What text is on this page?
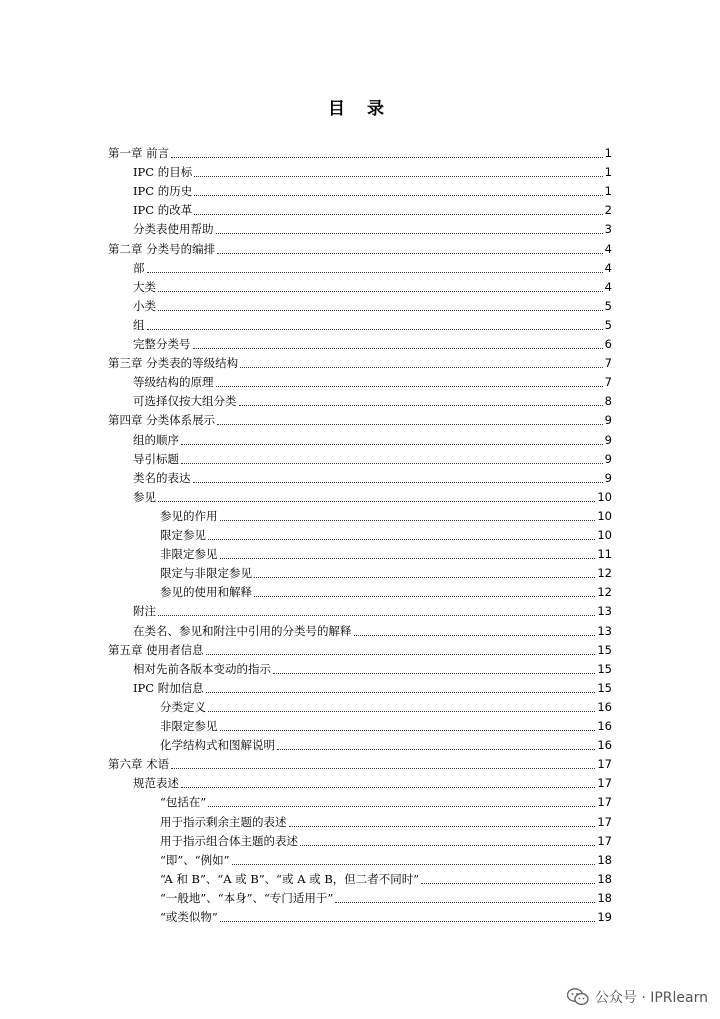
目 录
第一章 前言	1
IPC 的目标	1
IPC 的历史	1
IPC 的改革	2
分类表使用帮助	3
第二章 分类号的编排	4
部	4
大类	4
小类	5
组	5
完整分类号	6
第三章 分类表的等级结构	7
等级结构的原理	7
可选择仅按大组分类	8
第四章 分类体系展示	9
组的顺序	9
导引标题	9
类名的表达	9
参见	10
参见的作用	10
限定参见	10
非限定参见	11
限定与非限定参见	12
参见的使用和解释	12
附注	13
在类名、参见和附注中引用的分类号的解释	13
第五章 使用者信息	15
相对先前各版本变动的指示	15
IPC 附加信息	15
分类定义	16
非限定参见	16
化学结构式和图解说明	16
第六章 术语	17
规范表述	17
“包括在”	17
用于指示剩余主题的表述	17
用于指示组合体主题的表述	17
“即”、“例如”	18
“A 和 B”、“A 或 B”、“或 A 或 B，但二者不同时”	18
“一般地”、“本身”、“专门适用于”	18
“或类似物”	19
公众号 · IPRlearn
